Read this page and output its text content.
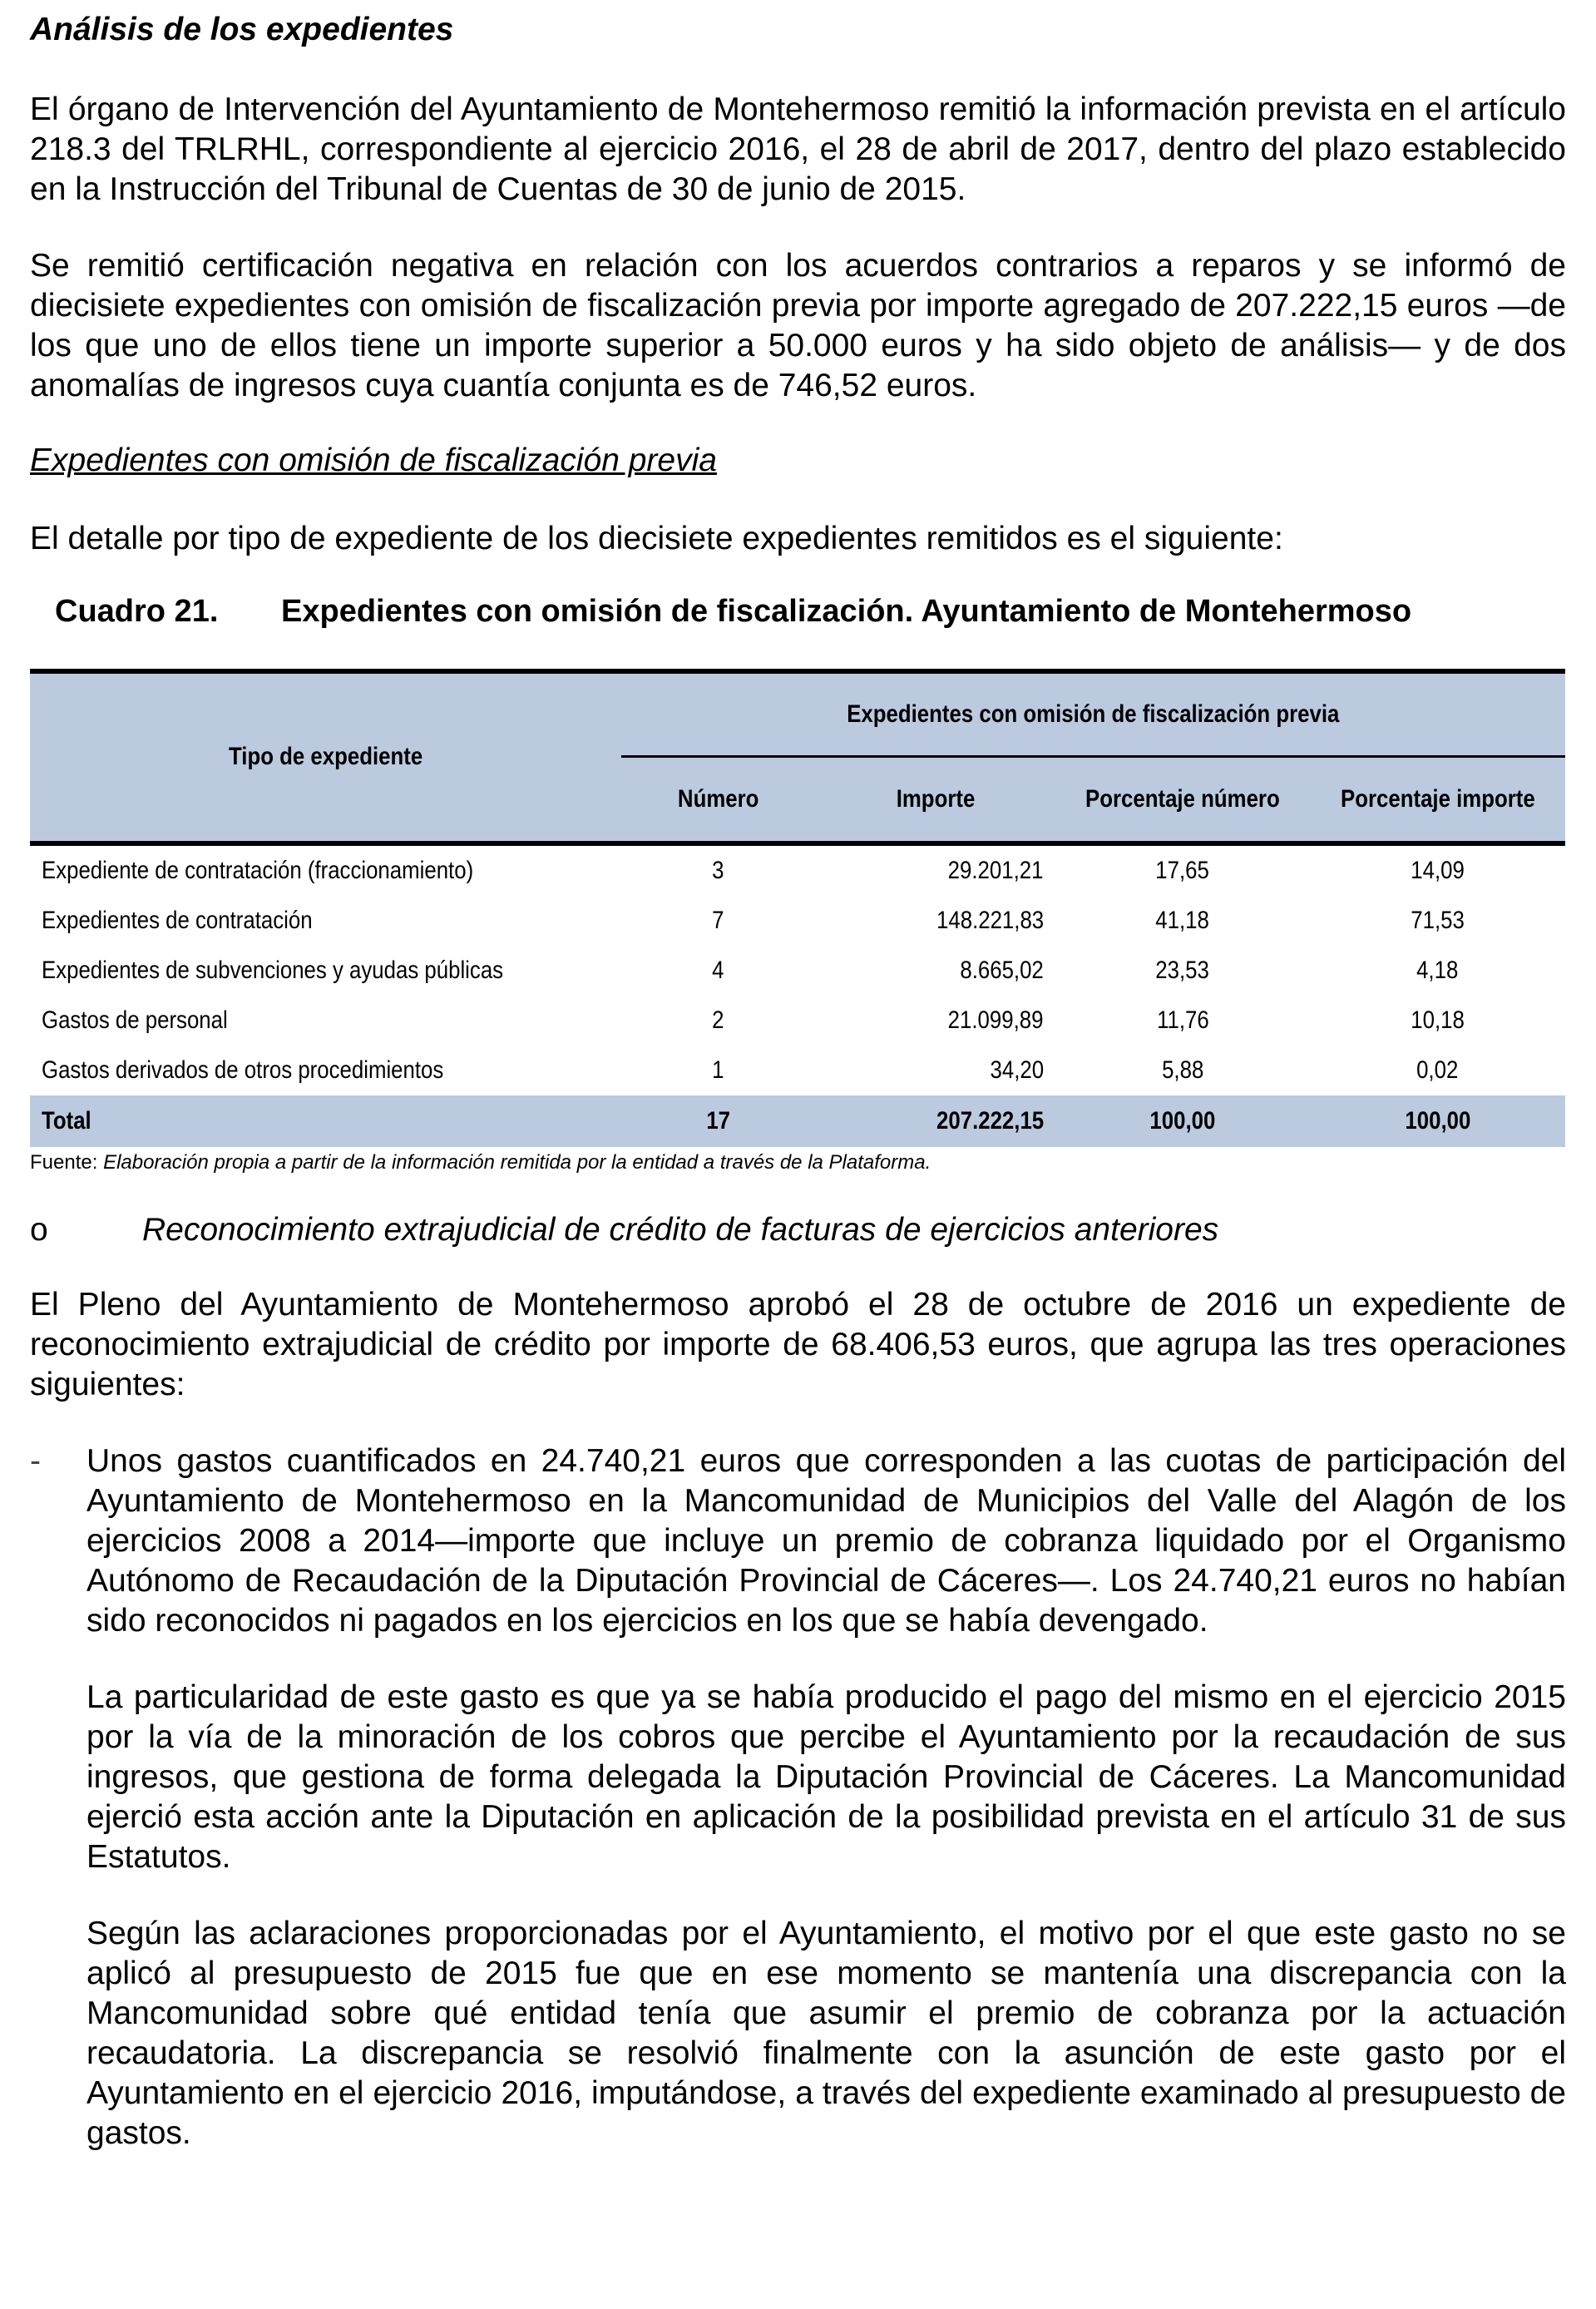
Análisis de los expedientes

El órgano de Intervención del Ayuntamiento de Montehermoso remitió la información prevista en el artículo 218.3 del TRLRHL, correspondiente al ejercicio 2016, el 28 de abril de 2017, dentro del plazo establecido en la Instrucción del Tribunal de Cuentas de 30 de junio de 2015.

Se remitió certificación negativa en relación con los acuerdos contrarios a reparos y se informó de diecisiete expedientes con omisión de fiscalización previa por importe agregado de 207.222,15 euros —de los que uno de ellos tiene un importe superior a 50.000 euros y ha sido objeto de análisis— y de dos anomalías de ingresos cuya cuantía conjunta es de 746,52 euros.

Expedientes con omisión de fiscalización previa

El detalle por tipo de expediente de los diecisiete expedientes remitidos es el siguiente:

Cuadro 21.	Expedientes con omisión de fiscalización. Ayuntamiento de Montehermoso
Tipo de expediente	Expedientes con omisión de fiscalización previa			
	Número	Importe	Porcentaje número	Porcentaje importe
Expediente de contratación (fraccionamiento)	3	29.201,21	17,65	14,09
Expedientes de contratación	7	148.221,83	41,18	71,53
Expedientes de subvenciones y ayudas públicas	4	8.665,02	23,53	4,18
Gastos de personal	2	21.099,89	11,76	10,18
Gastos derivados de otros procedimientos	1	34,20	5,88	0,02
Total	17	207.222,15	100,00	100,00

Fuente: Elaboración propia a partir de la información remitida por la entidad a través de la Plataforma.

o	Reconocimiento extrajudicial de crédito de facturas de ejercicios anteriores

El Pleno del Ayuntamiento de Montehermoso aprobó el 28 de octubre de 2016 un expediente de reconocimiento extrajudicial de crédito por importe de 68.406,53 euros, que agrupa las tres operaciones siguientes:

-	Unos gastos cuantificados en 24.740,21 euros que corresponden a las cuotas de participación del Ayuntamiento de Montehermoso en la Mancomunidad de Municipios del Valle del Alagón de los ejercicios 2008 a 2014—importe que incluye un premio de cobranza liquidado por el Organismo Autónomo de Recaudación de la Diputación Provincial de Cáceres—. Los 24.740,21 euros no habían sido reconocidos ni pagados en los ejercicios en los que se había devengado.

La particularidad de este gasto es que ya se había producido el pago del mismo en el ejercicio 2015 por la vía de la minoración de los cobros que percibe el Ayuntamiento por la recaudación de sus ingresos, que gestiona de forma delegada la Diputación Provincial de Cáceres. La Mancomunidad ejerció esta acción ante la Diputación en aplicación de la posibilidad prevista en el artículo 31 de sus Estatutos.

Según las aclaraciones proporcionadas por el Ayuntamiento, el motivo por el que este gasto no se aplicó al presupuesto de 2015 fue que en ese momento se mantenía una discrepancia con la Mancomunidad sobre qué entidad tenía que asumir el premio de cobranza por la actuación recaudatoria. La discrepancia se resolvió finalmente con la asunción de este gasto por el Ayuntamiento en el ejercicio 2016, imputándose, a través del expediente examinado al presupuesto de gastos.
